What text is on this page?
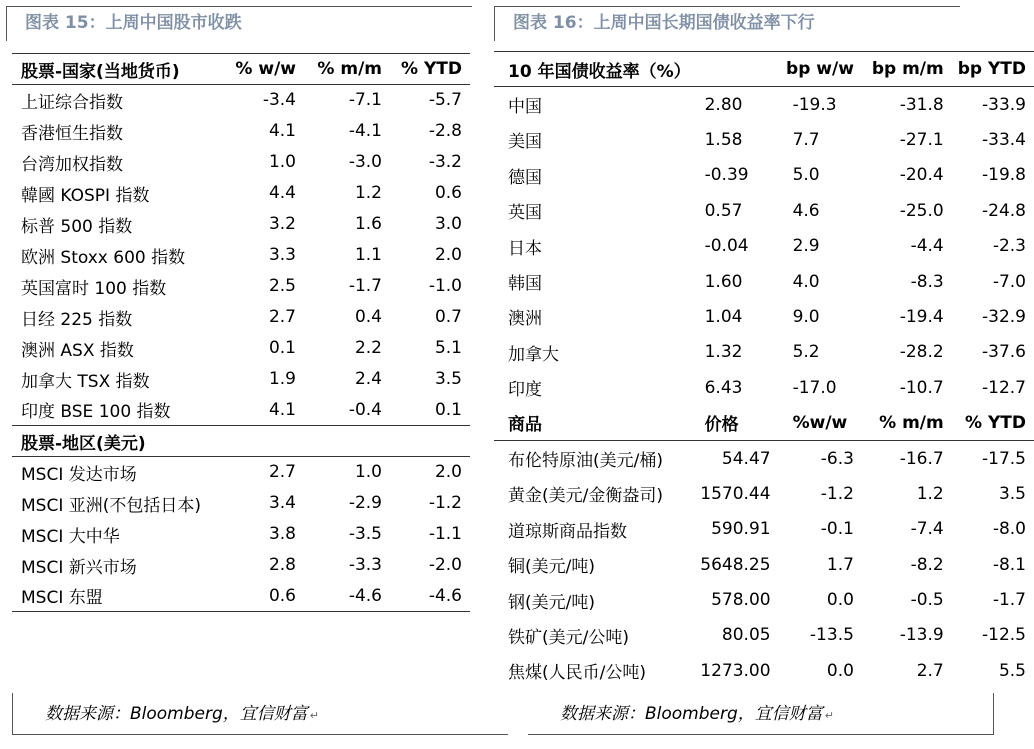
图表 15：上周中国股市收跌
股票-国家(当地货币)	% w/w	% m/m	% YTD
上证综合指数	-3.4	-7.1	-5.7
香港恒生指数	4.1	-4.1	-2.8
台湾加权指数	1.0	-3.0	-3.2
韓國 KOSPI 指数	4.4	1.2	0.6
标普 500 指数	3.2	1.6	3.0
欧洲 Stoxx 600 指数	3.3	1.1	2.0
英国富时 100 指数	2.5	-1.7	-1.0
日经 225 指数	2.7	0.4	0.7
澳洲 ASX 指数	0.1	2.2	5.1
加拿大 TSX 指数	1.9	2.4	3.5
印度 BSE 100 指数	4.1	-0.4	0.1
股票-地区(美元)			
MSCI 发达市场	2.7	1.0	2.0
MSCI 亚洲(不包括日本)	3.4	-2.9	-1.2
MSCI 大中华	3.8	-3.5	-1.1
MSCI 新兴市场	2.8	-3.3	-2.0
MSCI 东盟	0.6	-4.6	-4.6
数据来源：Bloomberg，宜信财富 ↵
图表 16：上周中国长期国债收益率下行
10 年国债收益率（%）		bp w/w	bp m/m	bp YTD
中国	2.80	-19.3	-31.8	-33.9
美国	1.58	7.7	-27.1	-33.4
德国	-0.39	5.0	-20.4	-19.8
英国	0.57	4.6	-25.0	-24.8
日本	-0.04	2.9	-4.4	-2.3
韩国	1.60	4.0	-8.3	-7.0
澳洲	1.04	9.0	-19.4	-32.9
加拿大	1.32	5.2	-28.2	-37.6
印度	6.43	-17.0	-10.7	-12.7
商品	价格	%w/w	% m/m	% YTD
布伦特原油(美元/桶)	54.47	-6.3	-16.7	-17.5
黄金(美元/金衡盎司)	1570.44	-1.2	1.2	3.5
道琼斯商品指数	590.91	-0.1	-7.4	-8.0
铜(美元/吨)	5648.25	1.7	-8.2	-8.1
钢(美元/吨)	578.00	0.0	-0.5	-1.7
铁矿(美元/公吨)	80.05	-13.5	-13.9	-12.5
焦煤(人民币/公吨)	1273.00	0.0	2.7	5.5
数据来源：Bloomberg，宜信财富 ↵
